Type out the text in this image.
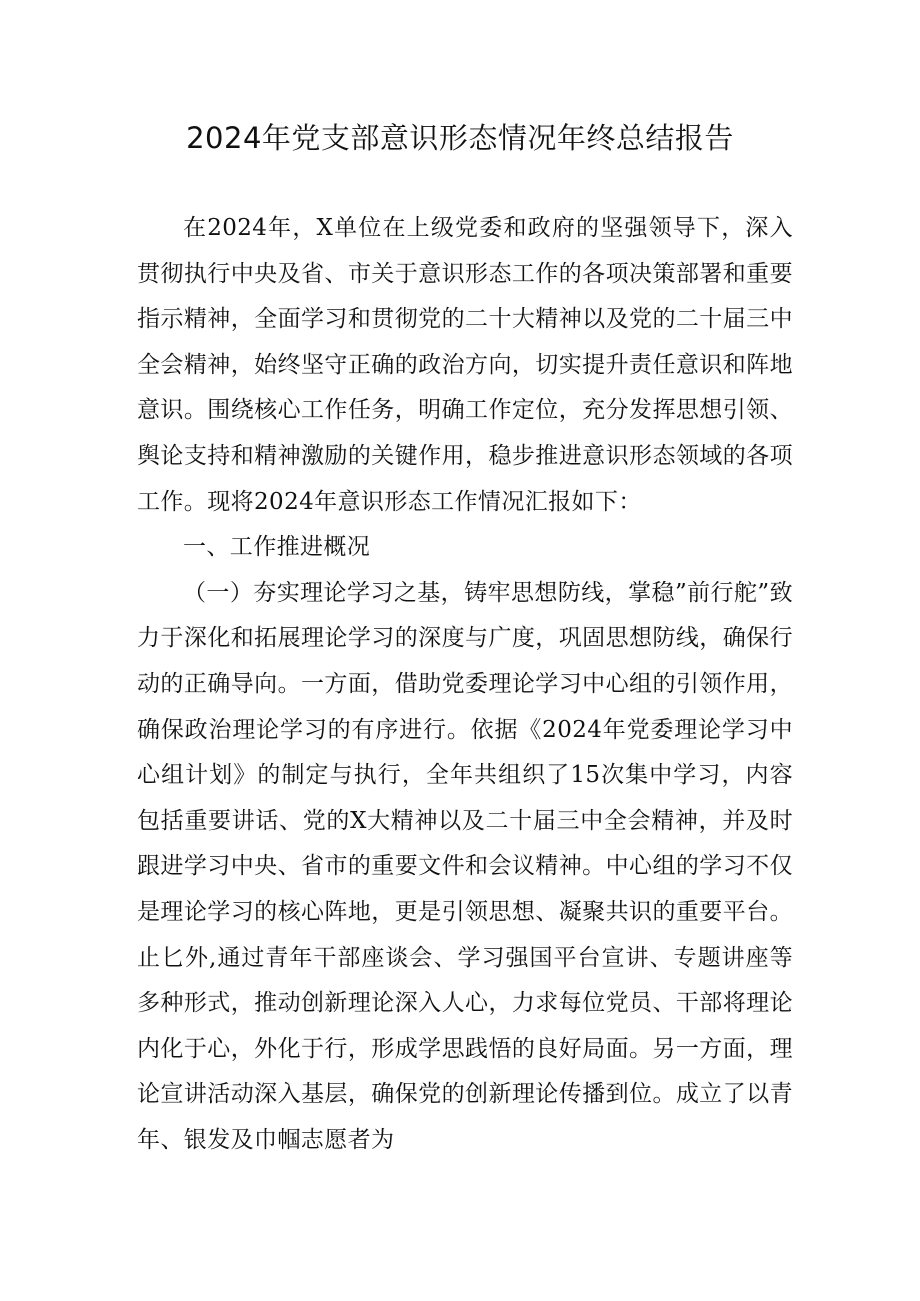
2024年党支部意识形态情况年终总结报告

在2024年，X单位在上级党委和政府的坚强领导下，深入贯彻执行中央及省、市关于意识形态工作的各项决策部署和重要指示精神，全面学习和贯彻党的二十大精神以及党的二十届三中全会精神，始终坚守正确的政治方向，切实提升责任意识和阵地意识。围绕核心工作任务，明确工作定位，充分发挥思想引领、舆论支持和精神激励的关键作用，稳步推进意识形态领域的各项工作。现将2024年意识形态工作情况汇报如下：

一、工作推进概况

（一）夯实理论学习之基，铸牢思想防线，掌稳”前行舵”致力于深化和拓展理论学习的深度与广度，巩固思想防线，确保行动的正确导向。一方面，借助党委理论学习中心组的引领作用，确保政治理论学习的有序进行。依据《2024年党委理论学习中心组计划》的制定与执行，全年共组织了15次集中学习，内容包括重要讲话、党的X大精神以及二十届三中全会精神，并及时跟进学习中央、省市的重要文件和会议精神。中心组的学习不仅是理论学习的核心阵地，更是引领思想、凝聚共识的重要平台。止匕外,通过青年干部座谈会、学习强国平台宣讲、专题讲座等多种形式，推动创新理论深入人心，力求每位党员、干部将理论内化于心，外化于行，形成学思践悟的良好局面。另一方面，理论宣讲活动深入基层，确保党的创新理论传播到位。成立了以青年、银发及巾帼志愿者为
